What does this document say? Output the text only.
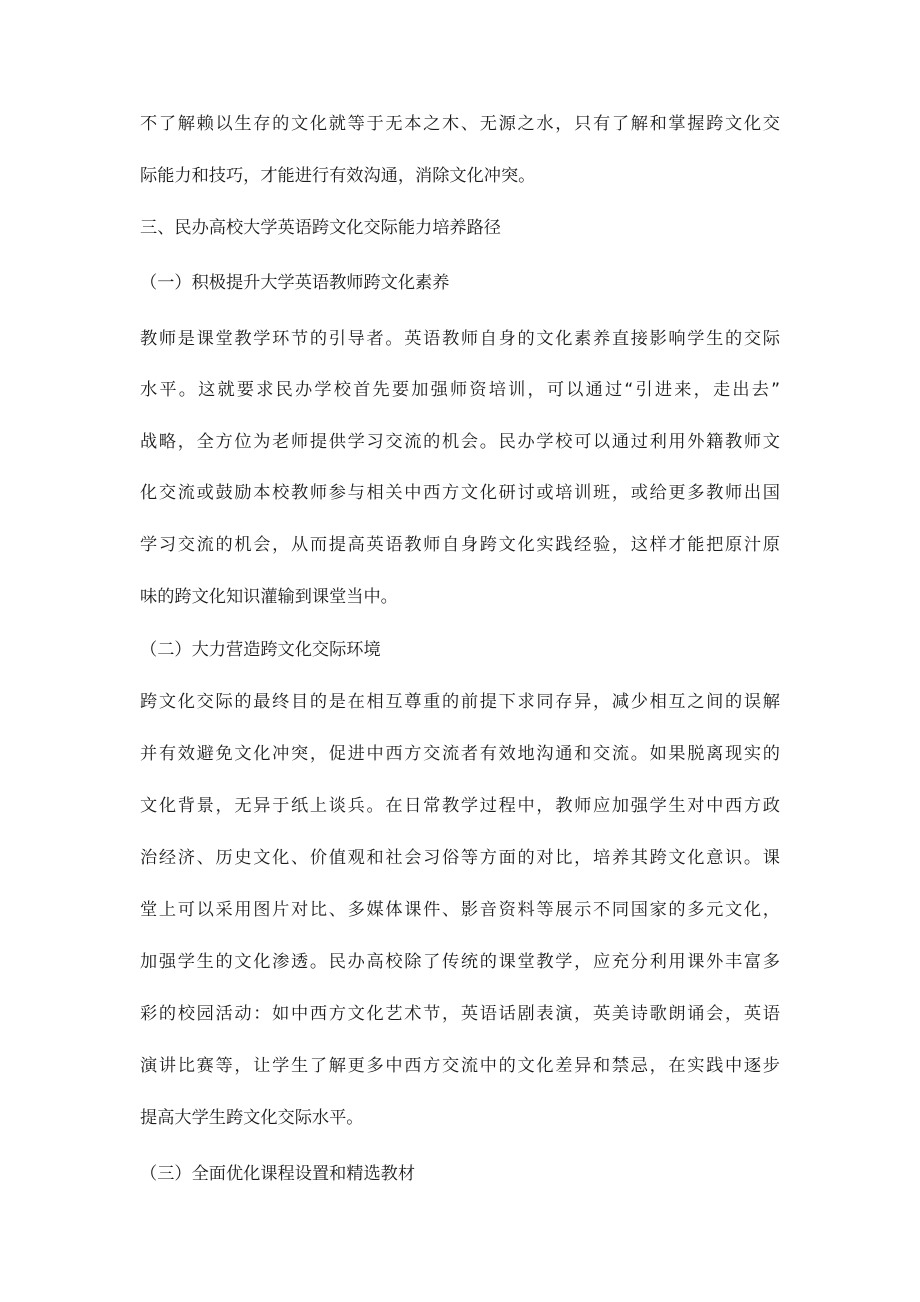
不了解赖以生存的文化就等于无本之木、无源之水，只有了解和掌握跨文化交
际能力和技巧，才能进行有效沟通，消除文化冲突。
三、民办高校大学英语跨文化交际能力培养路径
（一）积极提升大学英语教师跨文化素养
教师是课堂教学环节的引导者。英语教师自身的文化素养直接影响学生的交际
水平。这就要求民办学校首先要加强师资培训，可以通过“引进来，走出去”
战略，全方位为老师提供学习交流的机会。民办学校可以通过利用外籍教师文
化交流或鼓励本校教师参与相关中西方文化研讨或培训班，或给更多教师出国
学习交流的机会，从而提高英语教师自身跨文化实践经验，这样才能把原汁原
味的跨文化知识灌输到课堂当中。
（二）大力营造跨文化交际环境
跨文化交际的最终目的是在相互尊重的前提下求同存异，减少相互之间的误解
并有效避免文化冲突，促进中西方交流者有效地沟通和交流。如果脱离现实的
文化背景，无异于纸上谈兵。在日常教学过程中，教师应加强学生对中西方政
治经济、历史文化、价值观和社会习俗等方面的对比，培养其跨文化意识。课
堂上可以采用图片对比、多媒体课件、影音资料等展示不同国家的多元文化，
加强学生的文化渗透。民办高校除了传统的课堂教学，应充分利用课外丰富多
彩的校园活动：如中西方文化艺术节，英语话剧表演，英美诗歌朗诵会，英语
演讲比赛等，让学生了解更多中西方交流中的文化差异和禁忌，在实践中逐步
提高大学生跨文化交际水平。
（三）全面优化课程设置和精选教材
